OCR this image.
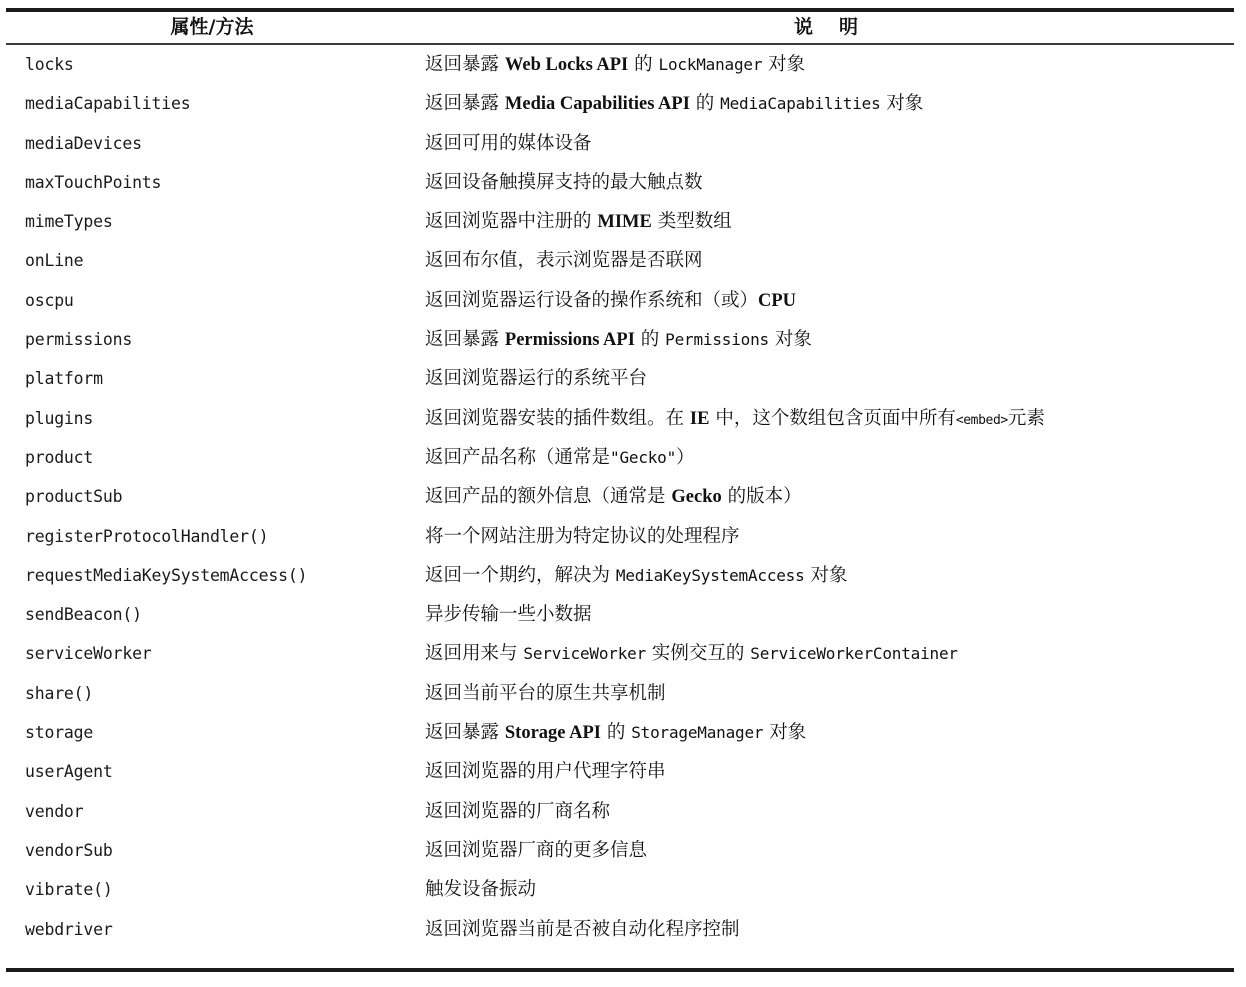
属性/方法	说 明
locks	返回暴露 Web Locks API 的 LockManager 对象
mediaCapabilities	返回暴露 Media Capabilities API 的 MediaCapabilities 对象
mediaDevices	返回可用的媒体设备
maxTouchPoints	返回设备触摸屏支持的最大触点数
mimeTypes	返回浏览器中注册的 MIME 类型数组
onLine	返回布尔值，表示浏览器是否联网
oscpu	返回浏览器运行设备的操作系统和（或）CPU
permissions	返回暴露 Permissions API 的 Permissions 对象
platform	返回浏览器运行的系统平台
plugins	返回浏览器安装的插件数组。在 IE 中，这个数组包含页面中所有<embed>元素
product	返回产品名称（通常是"Gecko"）
productSub	返回产品的额外信息（通常是 Gecko 的版本）
registerProtocolHandler()	将一个网站注册为特定协议的处理程序
requestMediaKeySystemAccess()	返回一个期约，解决为 MediaKeySystemAccess 对象
sendBeacon()	异步传输一些小数据
serviceWorker	返回用来与 ServiceWorker 实例交互的 ServiceWorkerContainer
share()	返回当前平台的原生共享机制
storage	返回暴露 Storage API 的 StorageManager 对象
userAgent	返回浏览器的用户代理字符串
vendor	返回浏览器的厂商名称
vendorSub	返回浏览器厂商的更多信息
vibrate()	触发设备振动
webdriver	返回浏览器当前是否被自动化程序控制
